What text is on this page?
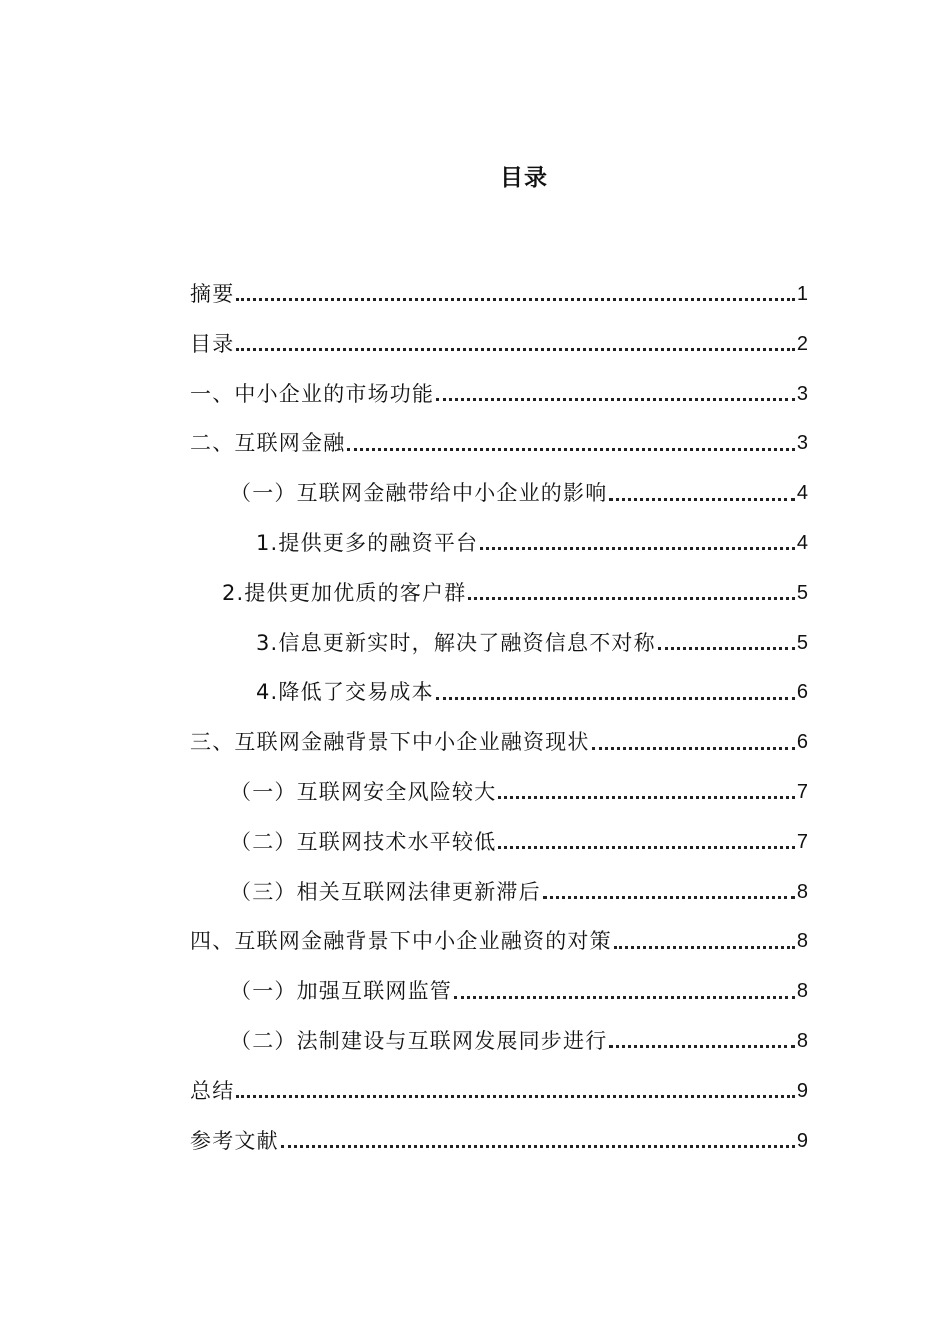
目录
摘要	1
目录	2
一、中小企业的市场功能	3
二、互联网金融	3
（一）互联网金融带给中小企业的影响	4
1.提供更多的融资平台	4
2.提供更加优质的客户群	5
3.信息更新实时，解决了融资信息不对称	5
4.降低了交易成本	6
三、互联网金融背景下中小企业融资现状	6
（一）互联网安全风险较大	7
（二）互联网技术水平较低	7
（三）相关互联网法律更新滞后	8
四、互联网金融背景下中小企业融资的对策	8
（一）加强互联网监管	8
（二）法制建设与互联网发展同步进行	8
总结	9
参考文献	9
